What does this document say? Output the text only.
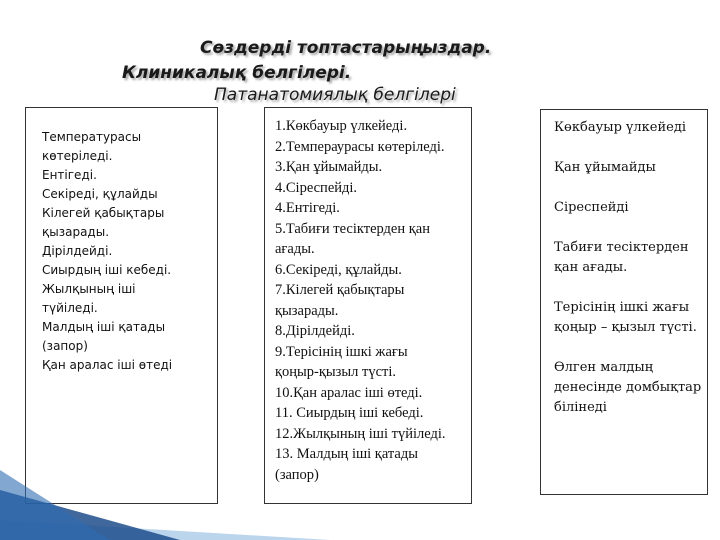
Сөздерді топтастарыңыздар.
Клиникалық белгілері.
Патанатомиялық белгілері
Температурасы
көтеріледі.
Ентігеді.
Секіреді, құлайды
Кілегей қабықтары
қызарады.
Дірілдейді.
Сиырдың іші кебеді.
Жылқының іші
түйіледі.
Малдың іші қатады
(запор)
Қан аралас іші өтеді
1.Көкбауыр үлкейеді.
2.Темпераурасы көтеріледі.
3.Қан ұйымайды.
4.Сіреспейді.
4.Ентігеді.
5.Табиғи тесіктерден қан
ағады.
6.Секіреді, құлайды.
7.Кілегей қабықтары
қызарады.
8.Дірілдейді.
9.Терісінің ішкі жағы
қоңыр-қызыл түсті.
10.Қан аралас іші өтеді.
11. Сиырдың іші кебеді.
12.Жылқының іші түйіледі.
13. Малдың іші қатады
(запор)
Көкбауыр үлкейеді
Қан ұйымайды
Сіреспейді
Табиғи тесіктерден қан ағады.
Терісінің ішкі жағы қоңыр – қызыл түсті.
Өлген малдың денесінде домбықтар білінеді
